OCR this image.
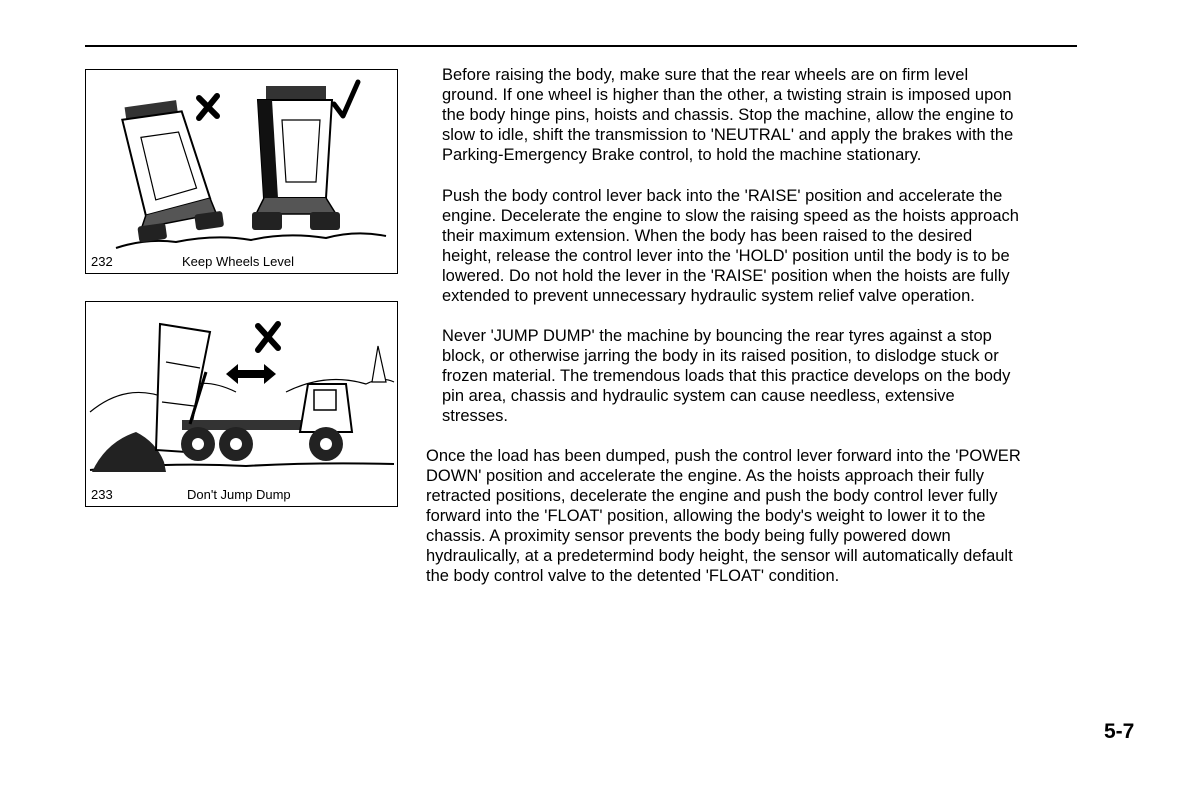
232	Keep Wheels Level
233	Don't Jump Dump
Before raising the body, make sure that the rear wheels are on firm level
ground. If one wheel is higher than the other, a twisting strain is imposed upon
the body hinge pins, hoists and chassis. Stop the machine, allow the engine to
slow to idle, shift the transmission to 'NEUTRAL' and apply the brakes with the
Parking-Emergency Brake control, to hold the machine stationary.
Push the body control lever back into the 'RAISE' position and accelerate the
engine. Decelerate the engine to slow the raising speed as the hoists approach
their maximum extension. When the body has been raised to the desired
height, release the control lever into the 'HOLD' position until the body is to be
lowered. Do not hold the lever in the 'RAISE' position when the hoists are fully
extended to prevent unnecessary hydraulic system relief valve operation.
Never 'JUMP DUMP' the machine by bouncing the rear tyres against a stop
block, or otherwise jarring the body in its raised position, to dislodge stuck or
frozen material. The tremendous loads that this practice develops on the body
pin area, chassis and hydraulic system can cause needless, extensive
stresses.
Once the load has been dumped, push the control lever forward into the 'POWER
DOWN' position and accelerate the engine. As the hoists approach their fully
retracted positions, decelerate the engine and push the body control lever fully
forward into the 'FLOAT' position, allowing the body's weight to lower it to the
chassis. A proximity sensor prevents the body being fully powered down
hydraulically, at a predetermind body height, the sensor will automatically default
the body control valve to the detented 'FLOAT' condition.
5-7
